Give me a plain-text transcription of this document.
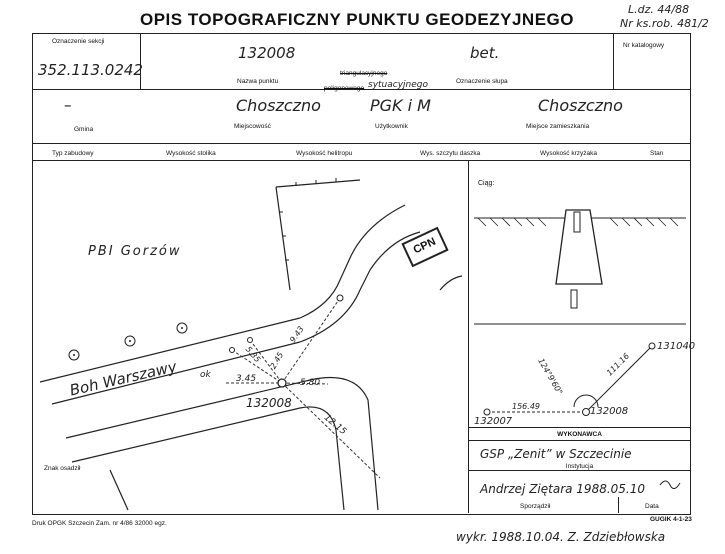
OPIS TOPOGRAFICZNY PUNKTU GEODEZYJNEGO
L.dz. 44/88
Nr ks.rob. 481/2
Oznaczenie sekcji
352.113.0242
132008	bet.
Nazwa punktu
triangulacyjnego
poligonowego sytuacyjnego	Oznaczenie słupa
Nr katalogowy
–	Choszczno	PGK i M	Choszczno
Gmina	Miejscowość	Użytkownik	Miejsce zamieszkania
Typ zabudowy	Wysokość stolika	Wysokość helitropu	Wys. szczytu daszka	Wysokość krzyżaka	Stan
PBI Gorzów
Boh Warszawy ok
CPN
132008
5.80
3.45
5.35 2.45
9.43
12.15
Znak osadził
Ciąg:
131040
132007
132008
156.49
111.16
124°9'60"
WYKONAWCA
GSP „Zenit” w Szczecinie
Instytucja
Andrzej Ziętara 1988.05.10
Sporządził	Data
Druk OPGK Szczecin Zam. nr 4/86 32000 egz.
wykr. 1988.10.04. Z. Zdziebłowska
GUGIK 4-1-23
